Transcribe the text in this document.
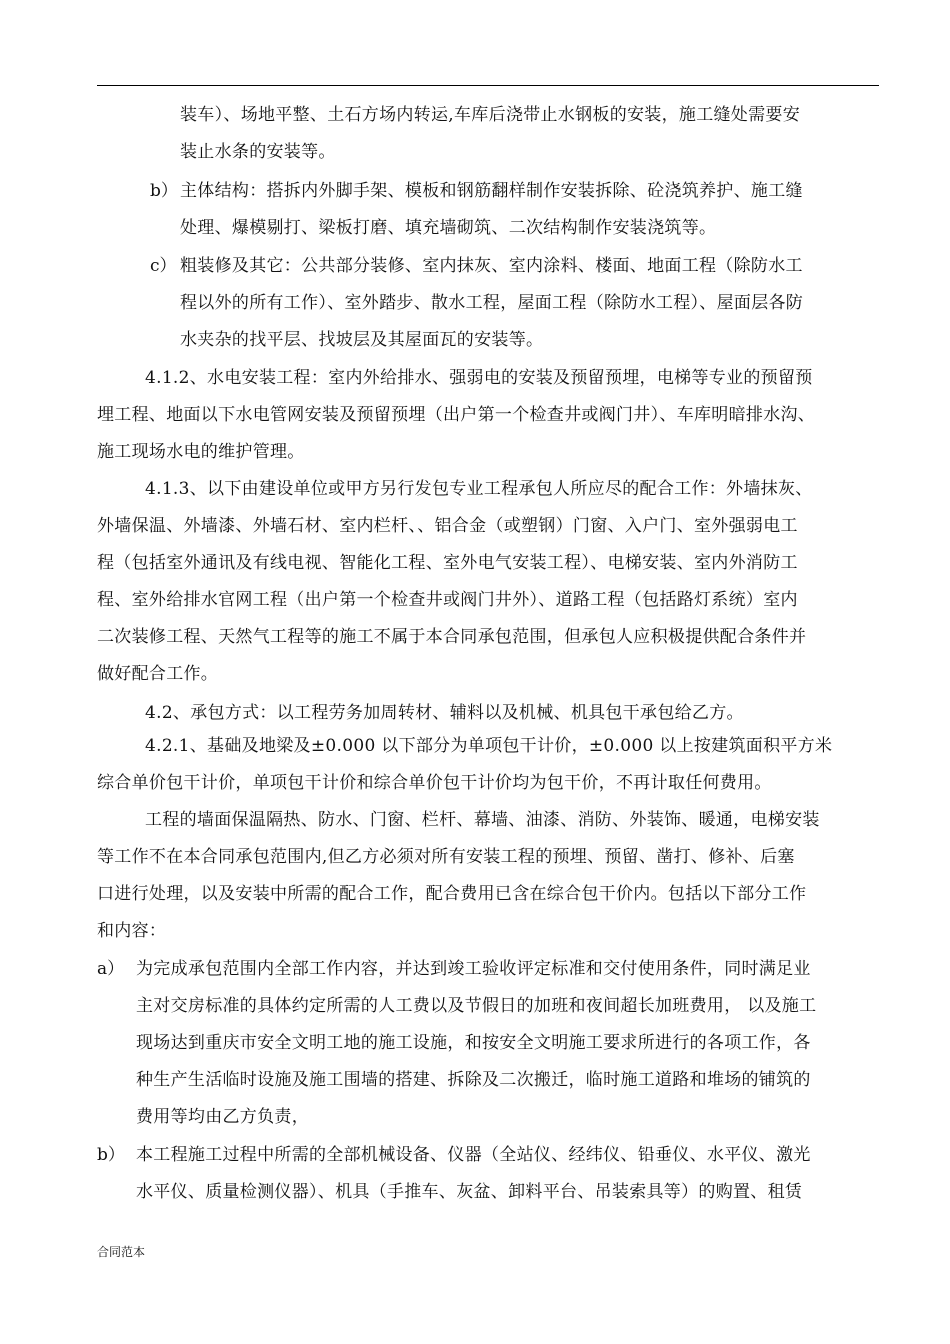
装车）、场地平整、土石方场内转运,车库后浇带止水钢板的安装，施工缝处需要安
装止水条的安装等。
b） 主体结构：搭拆内外脚手架、模板和钢筋翻样制作安装拆除、砼浇筑养护、施工缝
处理、爆模剔打、梁板打磨、填充墙砌筑、二次结构制作安装浇筑等。
c） 粗装修及其它：公共部分装修、室内抹灰、室内涂料、楼面、地面工程（除防水工
程以外的所有工作）、室外踏步、散水工程，屋面工程（除防水工程）、屋面层各防
水夹杂的找平层、找坡层及其屋面瓦的安装等。
4.1.2、水电安装工程：室内外给排水、强弱电的安装及预留预埋，电梯等专业的预留预
埋工程、地面以下水电管网安装及预留预埋（出户第一个检查井或阀门井）、车库明暗排水沟、
施工现场水电的维护管理。
4.1.3、以下由建设单位或甲方另行发包专业工程承包人所应尽的配合工作：外墙抹灰、
外墙保温、外墙漆、外墙石材、室内栏杆、、铝合金（或塑钢）门窗、入户门、室外强弱电工
程（包括室外通讯及有线电视、智能化工程、室外电气安装工程）、电梯安装、室内外消防工
程、室外给排水官网工程（出户第一个检查井或阀门井外）、道路工程（包括路灯系统）室内
二次装修工程、天然气工程等的施工不属于本合同承包范围，但承包人应积极提供配合条件并
做好配合工作。
4.2、承包方式：以工程劳务加周转材、辅料以及机械、机具包干承包给乙方。
4.2.1、基础及地梁及±0.000 以下部分为单项包干计价，±0.000 以上按建筑面积平方米
综合单价包干计价，单项包干计价和综合单价包干计价均为包干价，不再计取任何费用。
工程的墙面保温隔热、防水、门窗、栏杆、幕墙、油漆、消防、外装饰、暖通，电梯安装
等工作不在本合同承包范围内,但乙方必须对所有安装工程的预埋、预留、凿打、修补、后塞
口进行处理，以及安装中所需的配合工作，配合费用已含在综合包干价内。包括以下部分工作
和内容：
a） 为完成承包范围内全部工作内容，并达到竣工验收评定标准和交付使用条件，同时满足业
主对交房标准的具体约定所需的人工费以及节假日的加班和夜间超长加班费用， 以及施工
现场达到重庆市安全文明工地的施工设施，和按安全文明施工要求所进行的各项工作，各
种生产生活临时设施及施工围墙的搭建、拆除及二次搬迁，临时施工道路和堆场的铺筑的
费用等均由乙方负责，
b） 本工程施工过程中所需的全部机械设备、仪器（全站仪、经纬仪、铅垂仪、水平仪、激光
水平仪、质量检测仪器）、机具（手推车、灰盆、卸料平台、吊装索具等）的购置、租赁
合同范本
